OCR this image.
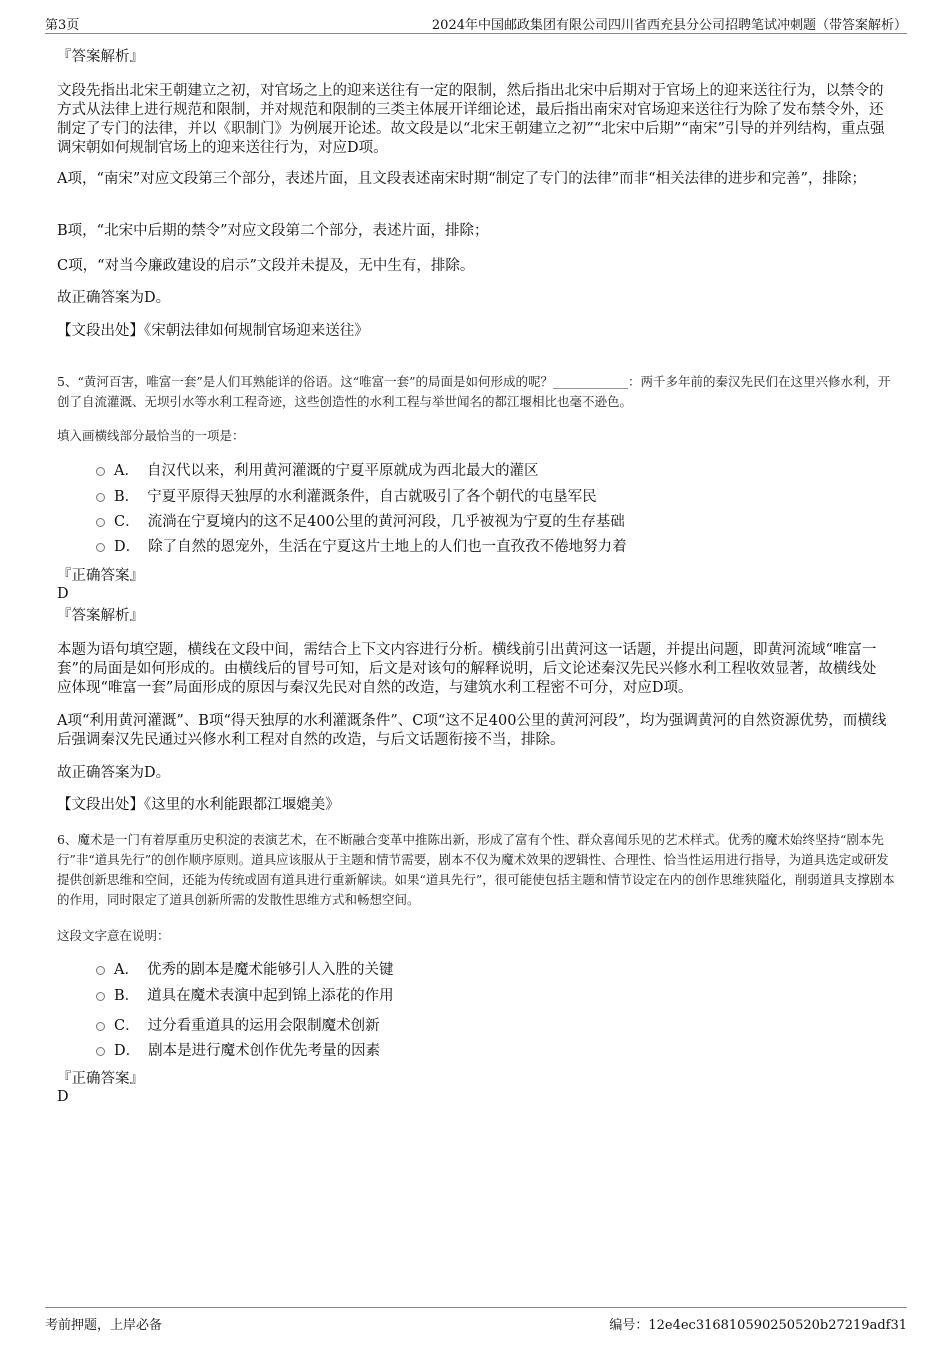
第3页	2024年中国邮政集团有限公司四川省西充县分公司招聘笔试冲刺题（带答案解析）
『答案解析』
文段先指出北宋王朝建立之初，对官场之上的迎来送往有一定的限制，然后指出北宋中后期对于官场上的迎来送往行为，以禁令的方式从法律上进行规范和限制，并对规范和限制的三类主体展开详细论述，最后指出南宋对官场迎来送往行为除了发布禁令外，还制定了专门的法律，并以《职制门》为例展开论述。故文段是以“北宋王朝建立之初”“北宋中后期”“南宋”引导的并列结构，重点强调宋朝如何规制官场上的迎来送往行为，对应D项。
A项，“南宋”对应文段第三个部分，表述片面，且文段表述南宋时期“制定了专门的法律”而非“相关法律的进步和完善”，排除；
B项，“北宋中后期的禁令”对应文段第二个部分，表述片面，排除；
C项，“对当今廉政建设的启示”文段并未提及，无中生有，排除。
故正确答案为D。
【文段出处】《宋朝法律如何规制官场迎来送往》
5、“黄河百害，唯富一套”是人们耳熟能详的俗语。这“唯富一套”的局面是如何形成的呢？____________：两千多年前的秦汉先民们在这里兴修水利，开创了自流灌溉、无坝引水等水利工程奇迹，这些创造性的水利工程与举世闻名的都江堰相比也毫不逊色。
填入画横线部分最恰当的一项是：
A． 自汉代以来，利用黄河灌溉的宁夏平原就成为西北最大的灌区
B． 宁夏平原得天独厚的水利灌溉条件，自古就吸引了各个朝代的屯垦军民
C． 流淌在宁夏境内的这不足400公里的黄河河段，几乎被视为宁夏的生存基础
D． 除了自然的恩宠外，生活在宁夏这片土地上的人们也一直孜孜不倦地努力着
『正确答案』
D
『答案解析』
本题为语句填空题，横线在文段中间，需结合上下文内容进行分析。横线前引出黄河这一话题，并提出问题，即黄河流域“唯富一套”的局面是如何形成的。由横线后的冒号可知，后文是对该句的解释说明，后文论述秦汉先民兴修水利工程收效显著，故横线处应体现“唯富一套”局面形成的原因与秦汉先民对自然的改造，与建筑水利工程密不可分，对应D项。
A项“利用黄河灌溉”、B项“得天独厚的水利灌溉条件”、C项“这不足400公里的黄河河段”，均为强调黄河的自然资源优势，而横线后强调秦汉先民通过兴修水利工程对自然的改造，与后文话题衔接不当，排除。
故正确答案为D。
【文段出处】《这里的水利能跟都江堰媲美》
6、魔术是一门有着厚重历史积淀的表演艺术，在不断融合变革中推陈出新，形成了富有个性、群众喜闻乐见的艺术样式。优秀的魔术始终坚持“剧本先行”非“道具先行”的创作顺序原则。道具应该服从于主题和情节需要，剧本不仅为魔术效果的逻辑性、合理性、恰当性运用进行指导，为道具选定或研发提供创新思维和空间，还能为传统或固有道具进行重新解读。如果“道具先行”，很可能使包括主题和情节设定在内的创作思维狭隘化，削弱道具支撑剧本的作用，同时限定了道具创新所需的发散性思维方式和畅想空间。
这段文字意在说明：
A． 优秀的剧本是魔术能够引人入胜的关键
B． 道具在魔术表演中起到锦上添花的作用
C． 过分看重道具的运用会限制魔术创新
D． 剧本是进行魔术创作优先考量的因素
『正确答案』
D
考前押题，上岸必备	编号：12e4ec316810590250520b27219adf31
